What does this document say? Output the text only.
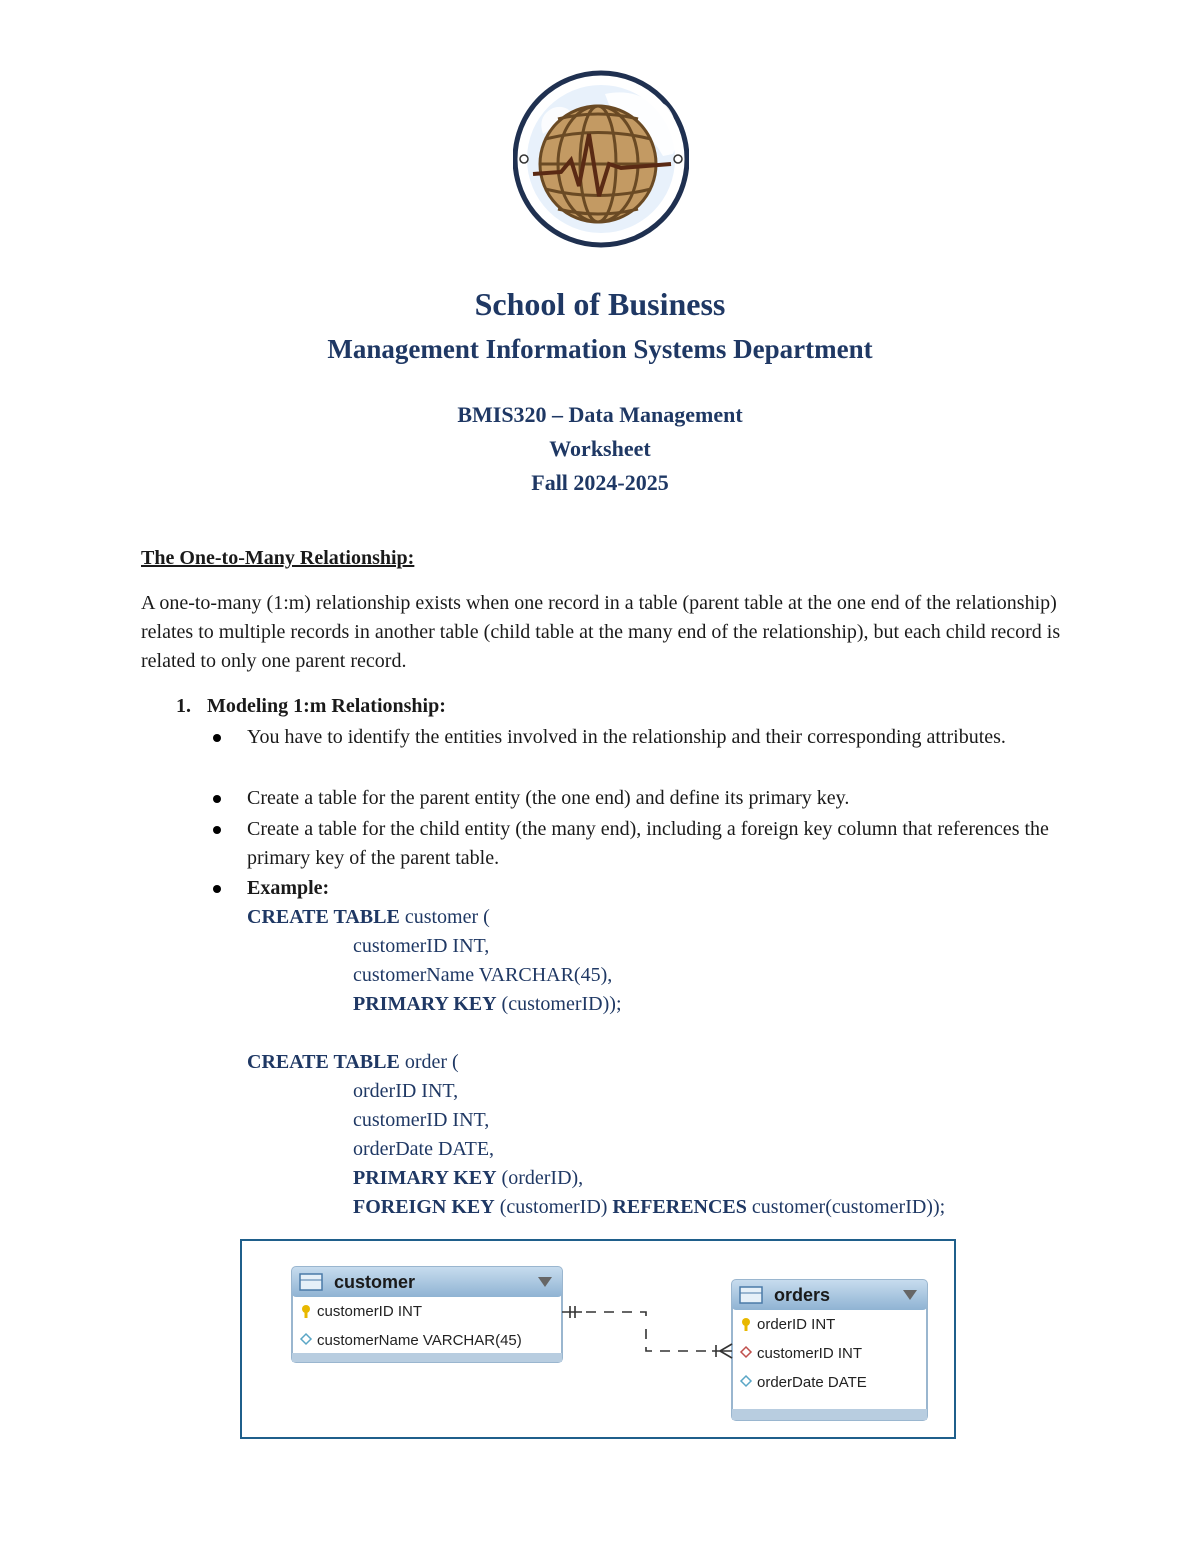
School of Business
Management Information Systems Department
BMIS320 – Data Management
Worksheet
Fall 2024-2025
The One-to-Many Relationship:
A one-to-many (1:m) relationship exists when one record in a table (parent table at the one end of the relationship) relates to multiple records in another table (child table at the many end of the relationship), but each child record is related to only one parent record.
1. Modeling 1:m Relationship:
You have to identify the entities involved in the relationship and their corresponding attributes.
Create a table for the parent entity (the one end) and define its primary key.
Create a table for the child entity (the many end), including a foreign key column that references the primary key of the parent table.
Example:
CREATE TABLE customer (
customerID INT,
customerName VARCHAR(45),
PRIMARY KEY (customerID));
CREATE TABLE order (
orderID INT,
customerID INT,
orderDate DATE,
PRIMARY KEY (orderID),
FOREIGN KEY (customerID) REFERENCES customer(customerID));
customer
customerID INT
customerName VARCHAR(45)
orders
orderID INT
customerID INT
orderDate DATE
